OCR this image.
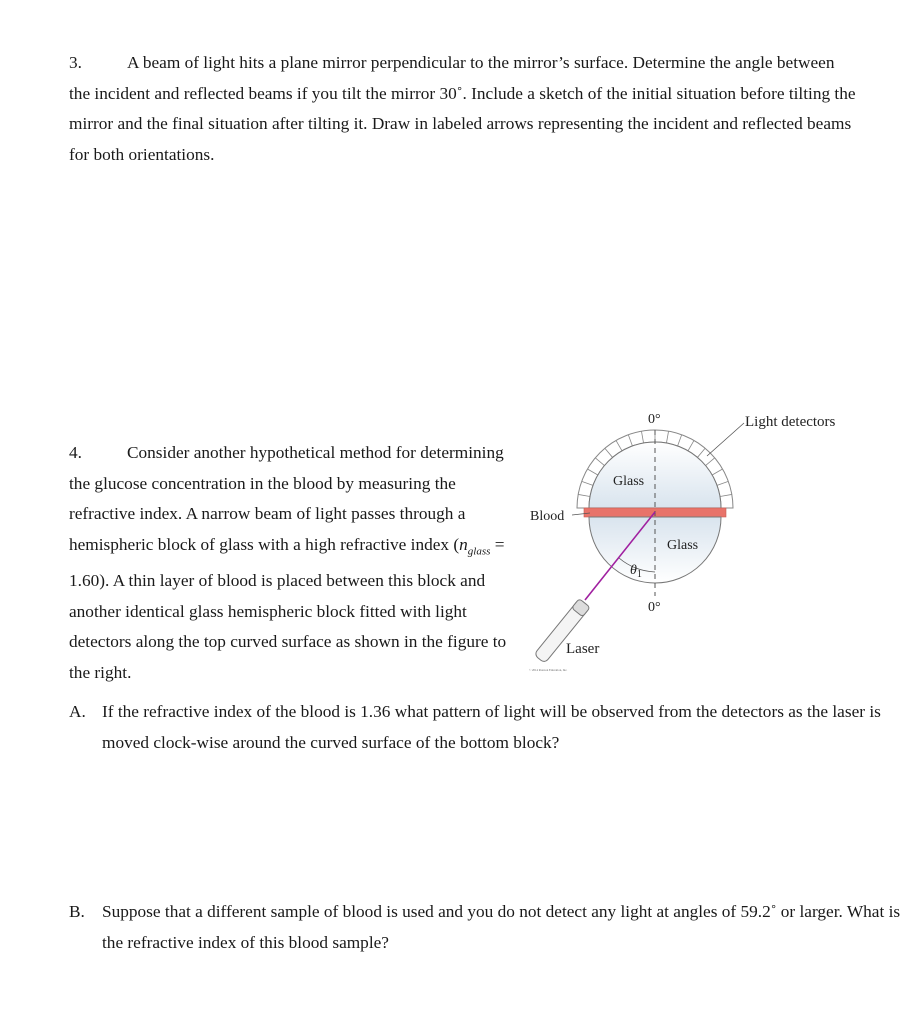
3.	A beam of light hits a plane mirror perpendicular to the mirror’s surface. Determine the angle between the incident and reflected beams if you tilt the mirror 30˚. Include a sketch of the initial situation before tilting the mirror and the final situation after tilting it. Draw in labeled arrows representing the incident and reflected beams for both orientations.

4.	Consider another hypothetical method for determining the glucose concentration in the blood by measuring the refractive index. A narrow beam of light passes through a hemispheric block of glass with a high refractive index $(n_{glass} = 1.60)$. A thin layer of blood is placed between this block and another identical glass hemispheric block fitted with light detectors along the top curved surface as shown in the figure to the right.

0°	Light detectors
Glass
Blood
Glass
$\theta_1$
0°
Laser
© 2014 Pearson Education, Inc.

A. If the refractive index of the blood is 1.36 what pattern of light will be observed from the detectors as the laser is moved clock-wise around the curved surface of the bottom block?

B. Suppose that a different sample of blood is used and you do not detect any light at angles of 59.2˚ or larger. What is the refractive index of this blood sample?
